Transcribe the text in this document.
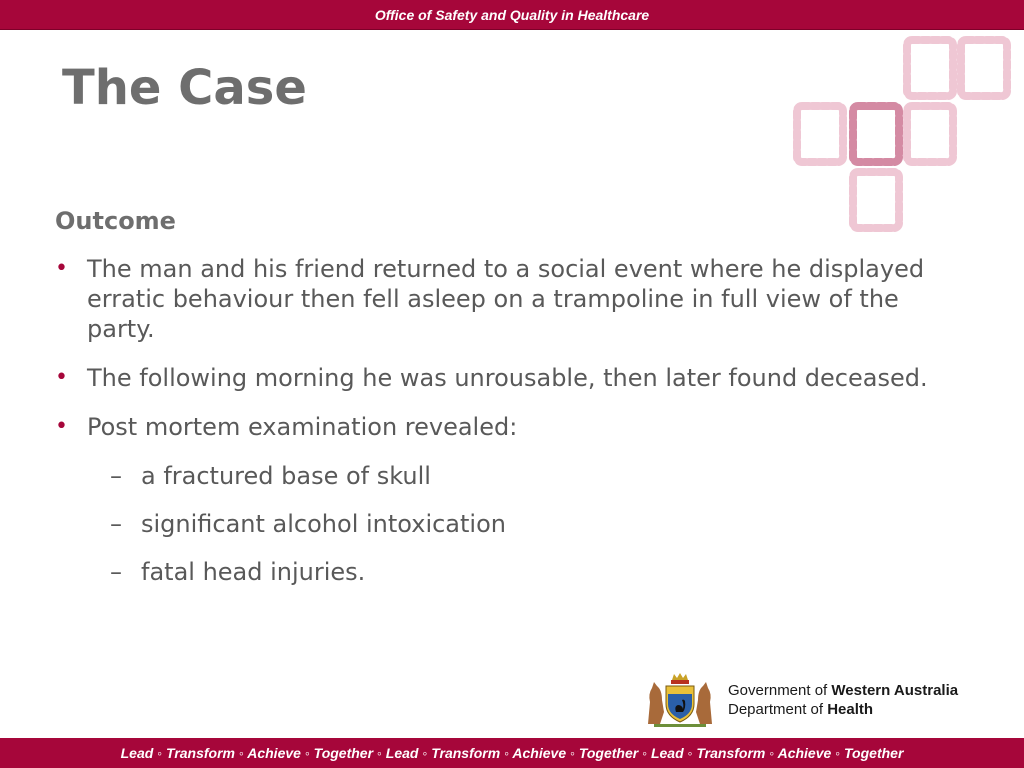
Office of Safety and Quality in Healthcare
The Case
Outcome
• The man and his friend returned to a social event where he displayed erratic behaviour then fell asleep on a trampoline in full view of the party.
• The following morning he was unrousable, then later found deceased.
• Post mortem examination revealed:
– a fractured base of skull
– significant alcohol intoxication
– fatal head injuries.
Government of Western Australia
Department of Health
Lead ◦ Transform ◦ Achieve ◦ Together ◦ Lead ◦ Transform ◦ Achieve ◦ Together ◦ Lead ◦ Transform ◦ Achieve ◦ Together
